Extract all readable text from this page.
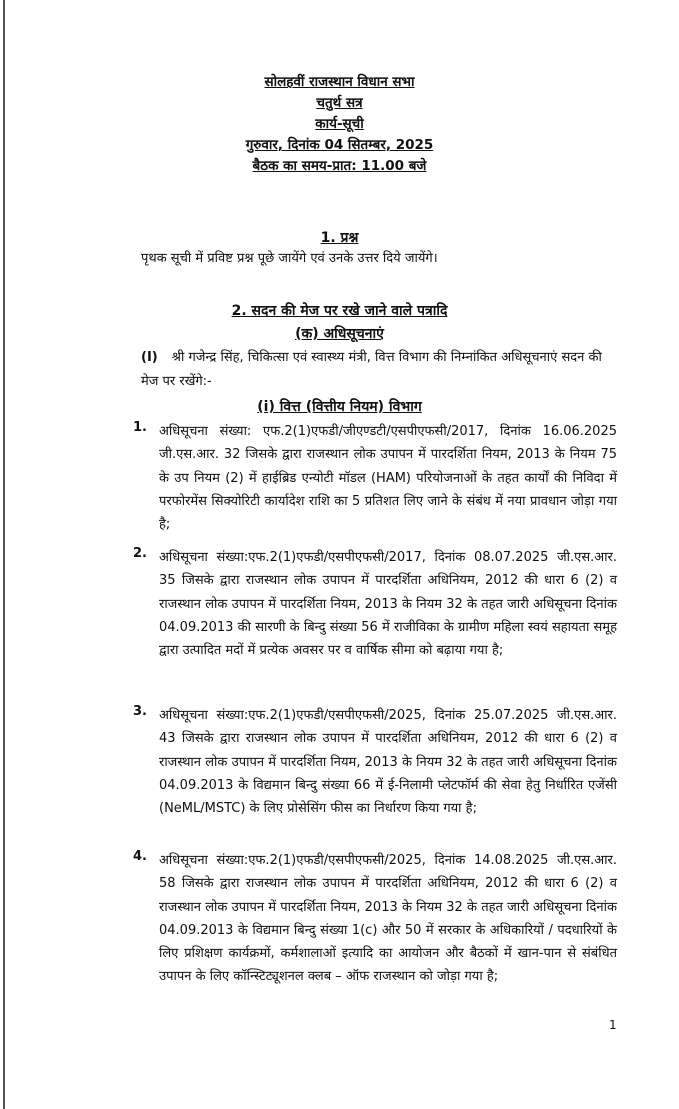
सोलहवीं राजस्थान विधान सभा
चतुर्थ सत्र
कार्य-सूची
गुरुवार, दिनांक 04 सितम्बर, 2025
बैठक का समय-प्रात: 11.00 बजे
1. प्रश्न
पृथक सूची में प्रविष्ट प्रश्न पूछे जायेंगे एवं उनके उत्तर दिये जायेंगे।
2. सदन की मेज पर रखे जाने वाले पत्रादि
(क) अधिसूचनाएं
(I) श्री गजेन्द्र सिंह, चिकित्सा एवं स्वास्थ्य मंत्री, वित्त विभाग की निम्नांकित अधिसूचनाएं सदन की मेज पर रखेंगे:-
(i) वित्त (वित्तीय नियम) विभाग
1. अधिसूचना संख्या: एफ.2(1)एफडी/जीएण्डटी/एसपीएफसी/2017, दिनांक 16.06.2025 जी.एस.आर. 32 जिसके द्वारा राजस्थान लोक उपापन में पारदर्शिता नियम, 2013 के नियम 75 के उप नियम (2) में हाईब्रिड एन्योटी मॉडल (HAM) परियोजनाओं के तहत कार्यों की निविदा में परफोरमेंस सिक्योरिटी कार्यादेश राशि का 5 प्रतिशत लिए जाने के संबंध में नया प्रावधान जोड़ा गया है;
2. अधिसूचना संख्या:एफ.2(1)एफडी/एसपीएफसी/2017, दिनांक 08.07.2025 जी.एस.आर. 35 जिसके द्वारा राजस्थान लोक उपापन में पारदर्शिता अधिनियम, 2012 की धारा 6 (2) व राजस्थान लोक उपापन में पारदर्शिता नियम, 2013 के नियम 32 के तहत जारी अधिसूचना दिनांक 04.09.2013 की सारणी के बिन्दु संख्या 56 में राजीविका के ग्रामीण महिला स्वयं सहायता समूह द्वारा उत्पादित मदों में प्रत्येक अवसर पर व वार्षिक सीमा को बढ़ाया गया है;
3. अधिसूचना संख्या:एफ.2(1)एफडी/एसपीएफसी/2025, दिनांक 25.07.2025 जी.एस.आर. 43 जिसके द्वारा राजस्थान लोक उपापन में पारदर्शिता अधिनियम, 2012 की धारा 6 (2) व राजस्थान लोक उपापन में पारदर्शिता नियम, 2013 के नियम 32 के तहत जारी अधिसूचना दिनांक 04.09.2013 के विद्यमान बिन्दु संख्या 66 में ई-निलामी प्लेटफॉर्म की सेवा हेतु निर्धारित एजेंसी (NeML/MSTC) के लिए प्रोसेसिंग फीस का निर्धारण किया गया है;
4. अधिसूचना संख्या:एफ.2(1)एफडी/एसपीएफसी/2025, दिनांक 14.08.2025 जी.एस.आर. 58 जिसके द्वारा राजस्थान लोक उपापन में पारदर्शिता अधिनियम, 2012 की धारा 6 (2) व राजस्थान लोक उपापन में पारदर्शिता नियम, 2013 के नियम 32 के तहत जारी अधिसूचना दिनांक 04.09.2013 के विद्यमान बिन्दु संख्या 1(c) और 50 में सरकार के अधिकारियों / पदधारियों के लिए प्रशिक्षण कार्यक्रमों, कर्मशालाओं इत्यादि का आयोजन और बैठकों में खान-पान से संबंधित उपापन के लिए कॉन्स्टिट्यूशनल क्लब – ऑफ राजस्थान को जोड़ा गया है;
1
